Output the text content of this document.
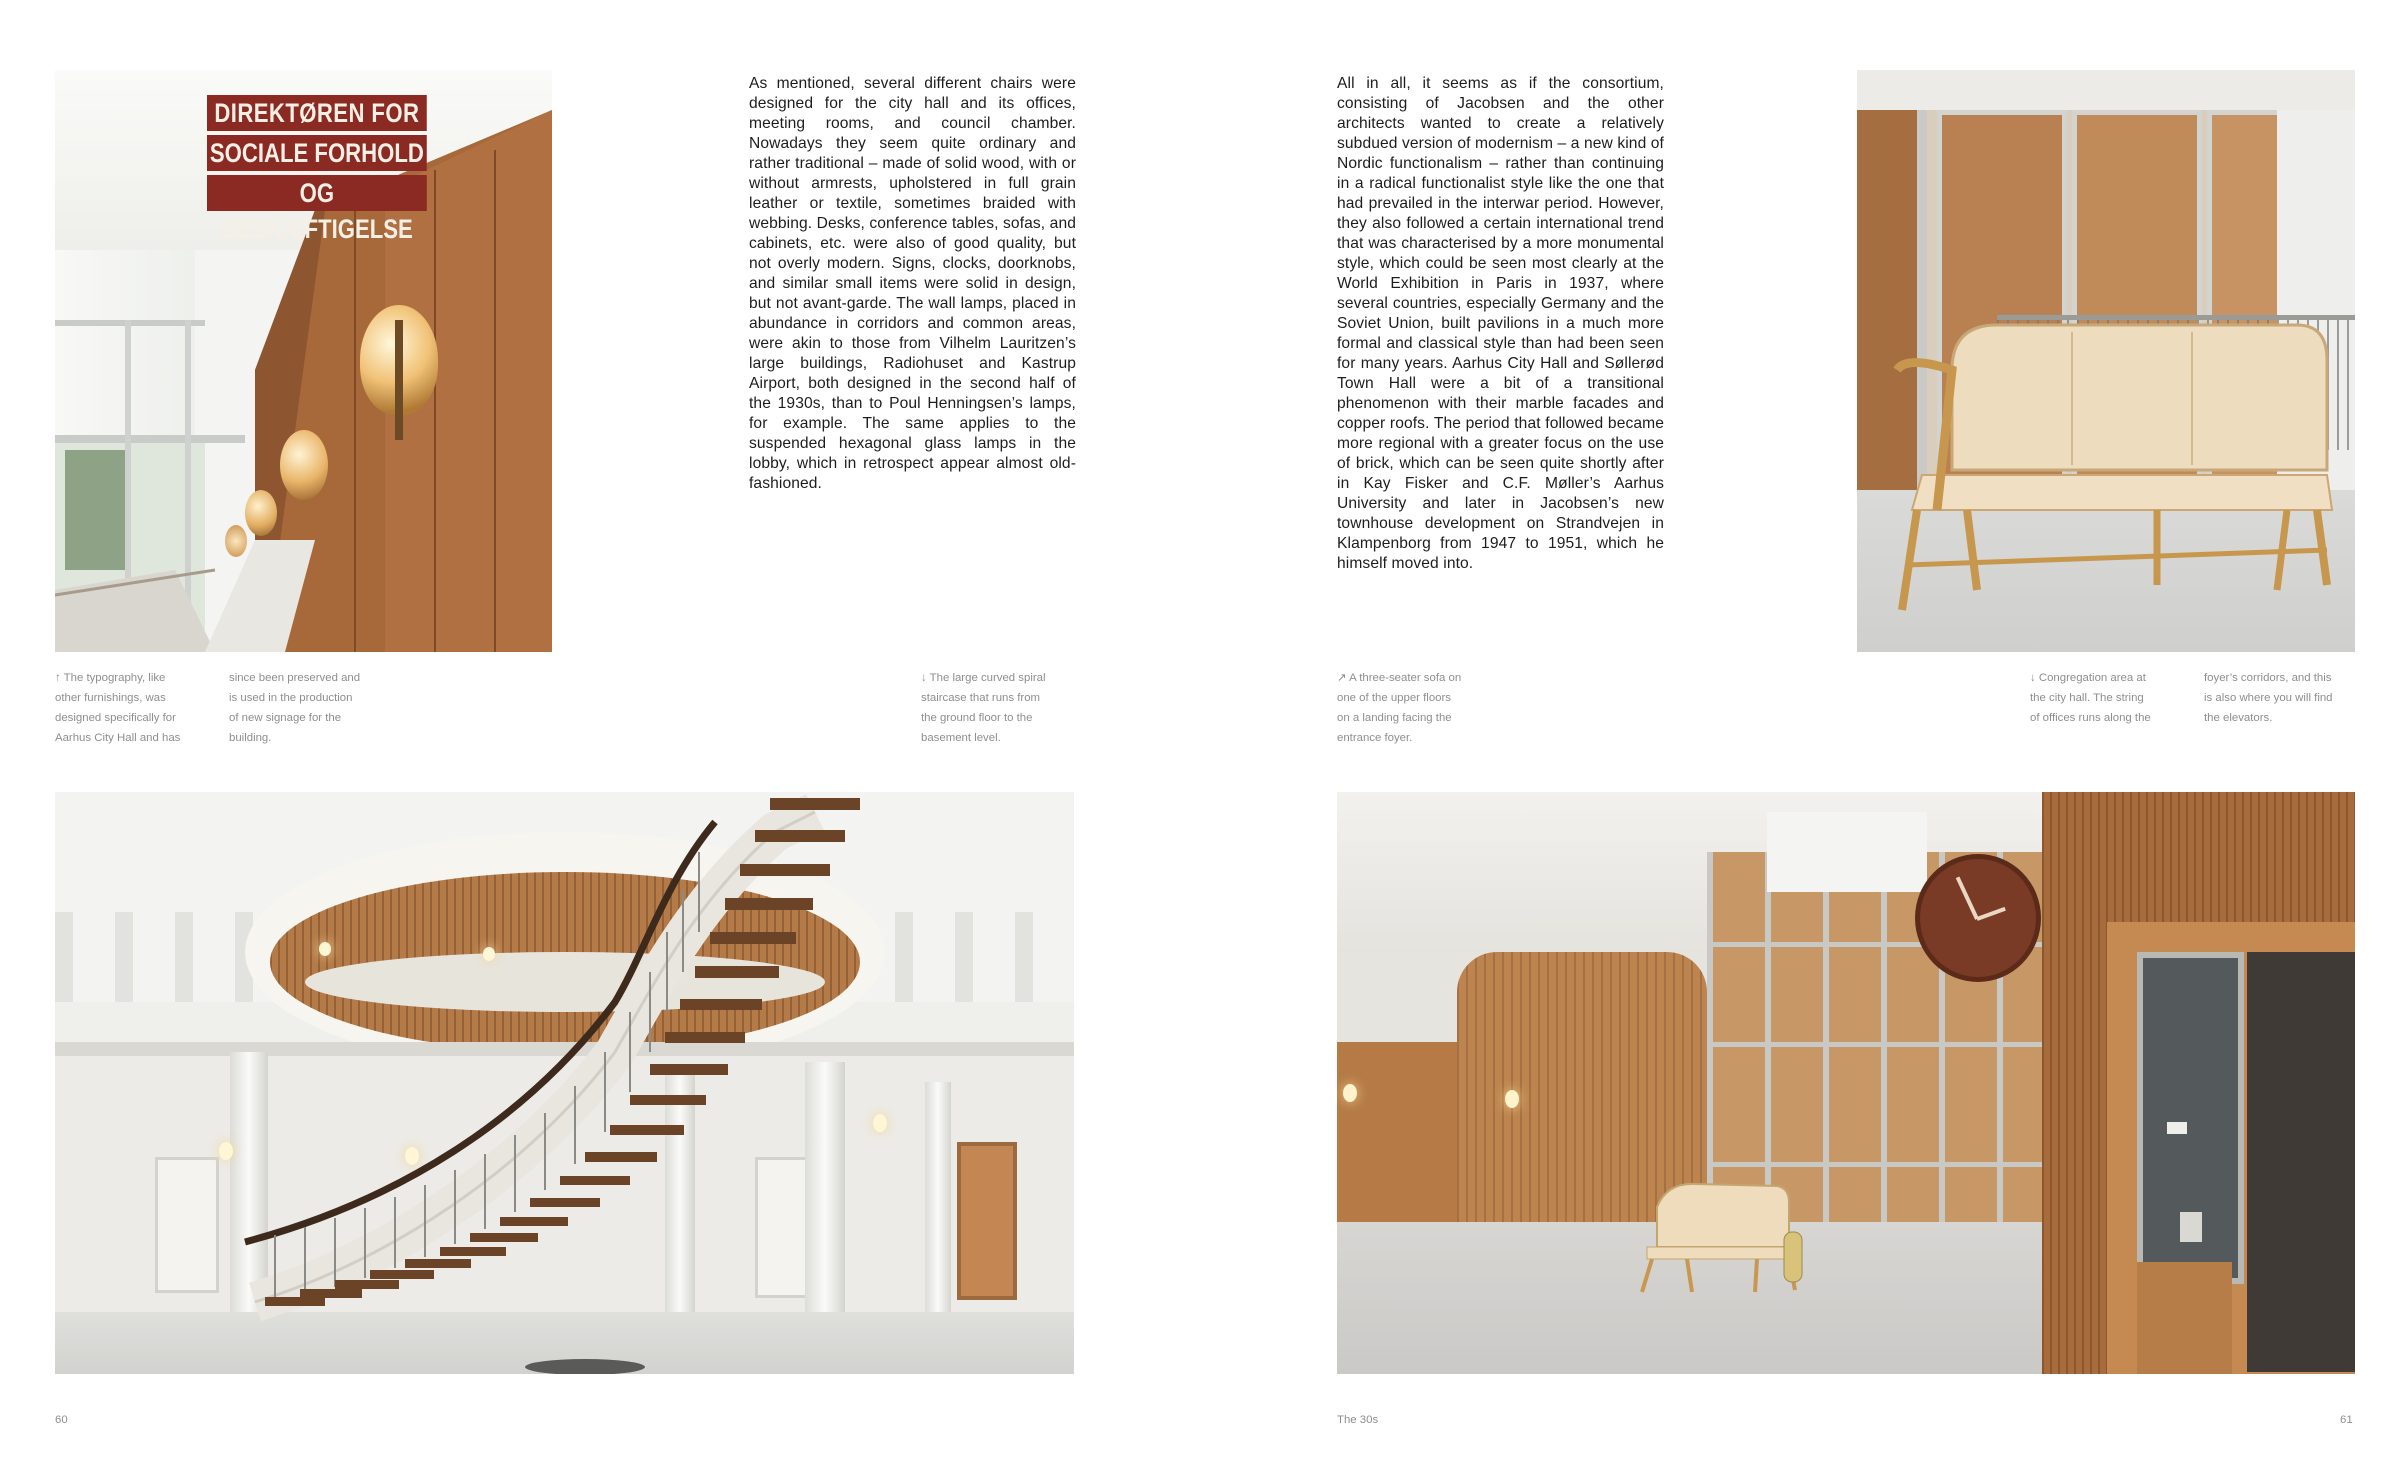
DIREKTØREN FOR
SOCIALE FORHOLD
OG BESKÆFTIGELSE
As mentioned, several different chairs were designed for the city hall and its offices, meeting rooms, and council chamber. Nowadays they seem quite ordinary and rather traditional – made of solid wood, with or without armrests, upholstered in full grain leather or textile, sometimes braided with webbing. Desks, conference tables, sofas, and cabinets, etc. were also of good quality, but not overly modern. Signs, clocks, doorknobs, and similar small items were solid in design, but not avant-garde. The wall lamps, placed in abundance in corridors and common areas, were akin to those from Vilhelm Lauritzen’s large buildings, Radiohuset and Kastrup Airport, both designed in the second half of the 1930s, than to Poul Henningsen’s lamps, for example. The same applies to the suspended hexagonal glass lamps in the lobby, which in retrospect appear almost old-fashioned.
All in all, it seems as if the consortium, consisting of Jacobsen and the other architects wanted to create a relatively subdued version of modernism – a new kind of Nordic functionalism – rather than continuing in a radical functionalist style like the one that had prevailed in the interwar period. However, they also followed a certain international trend that was characterised by a more monumental style, which could be seen most clearly at the World Exhibition in Paris in 1937, where several countries, especially Germany and the Soviet Union, built pavilions in a much more formal and classical style than had been seen for many years. Aarhus City Hall and Søllerød Town Hall were a bit of a transitional phenomenon with their marble facades and copper roofs. The period that followed became more regional with a greater focus on the use of brick, which can be seen quite shortly after in Kay Fisker and C.F. Møller’s Aarhus University and later in Jacobsen’s new townhouse development on Strandvejen in Klampenborg from 1947 to 1951, which he himself moved into.
↑ The typography, like
other furnishings, was
designed specifically for
Aarhus City Hall and has
since been preserved and
is used in the production
of new signage for the
building.
↓ The large curved spiral
staircase that runs from
the ground floor to the
basement level.
↗ A three-seater sofa on
one of the upper floors
on a landing facing the
entrance foyer.
↓ Congregation area at
the city hall. The string
of offices runs along the
foyer’s corridors, and this
is also where you will find
the elevators.
60	The 30s	61
